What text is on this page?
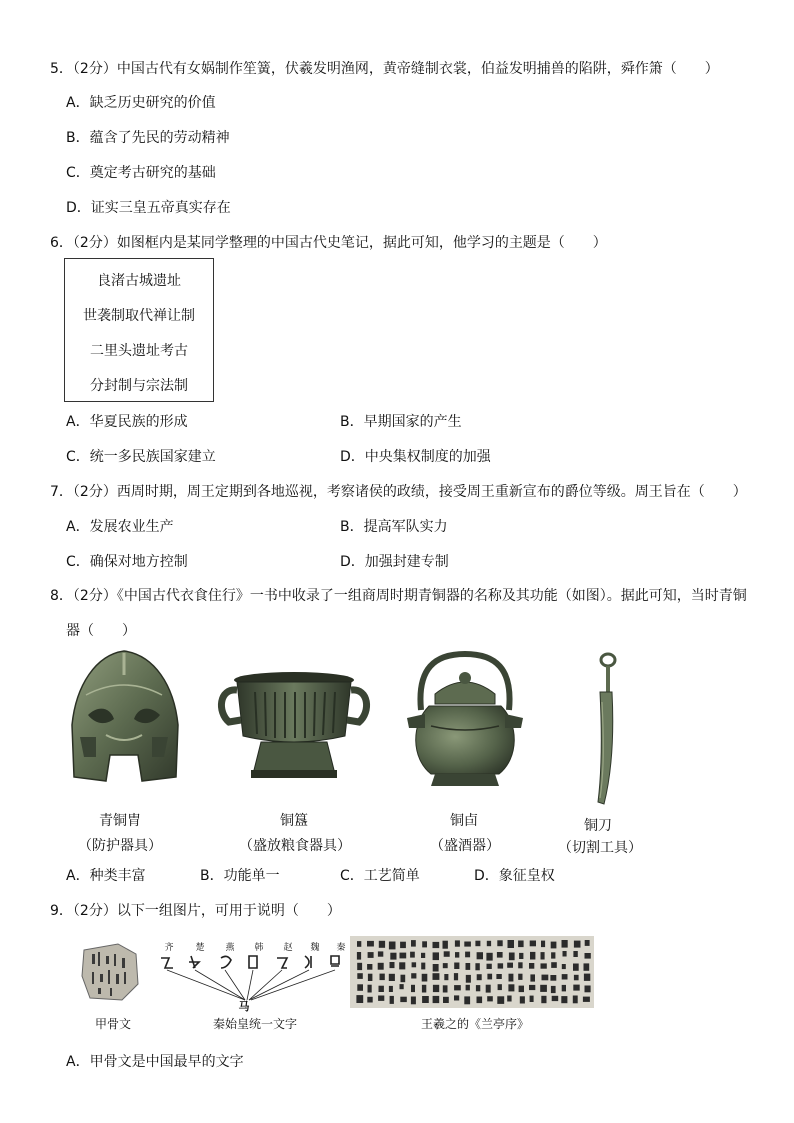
5．（2分）中国古代有女娲制作笙簧，伏羲发明渔网，黄帝缝制衣裳，伯益发明捕兽的陷阱，舜作箫（　　）
A．缺乏历史研究的价值
B．蕴含了先民的劳动精神
C．奠定考古研究的基础
D．证实三皇五帝真实存在
6．（2分）如图框内是某同学整理的中国古代史笔记，据此可知，他学习的主题是（　　）
良渚古城遗址
世袭制取代禅让制
二里头遗址考古
分封制与宗法制
A．华夏民族的形成	B．早期国家的产生
C．统一多民族国家建立	D．中央集权制度的加强
7．（2分）西周时期，周王定期到各地巡视，考察诸侯的政绩，接受周王重新宣布的爵位等级。周王旨在（　　）
A．发展农业生产	B．提高军队实力
C．确保对地方控制	D．加强封建专制
8．（2分）《中国古代衣食住行》一书中收录了一组商周时期青铜器的名称及其功能（如图）。据此可知，当时青铜
器（　　）
青铜胄
（防护器具）
铜簋
（盛放粮食器具）
铜卣
（盛酒器）
铜刀
（切割工具）
A．种类丰富	B．功能单一	C．工艺简单	D．象征皇权
9．（2分）以下一组图片，可用于说明（　　）
齐	楚	燕	韩	赵	魏	秦
马
甲骨文	秦始皇统一文字	王羲之的《兰亭序》
A．甲骨文是中国最早的文字
